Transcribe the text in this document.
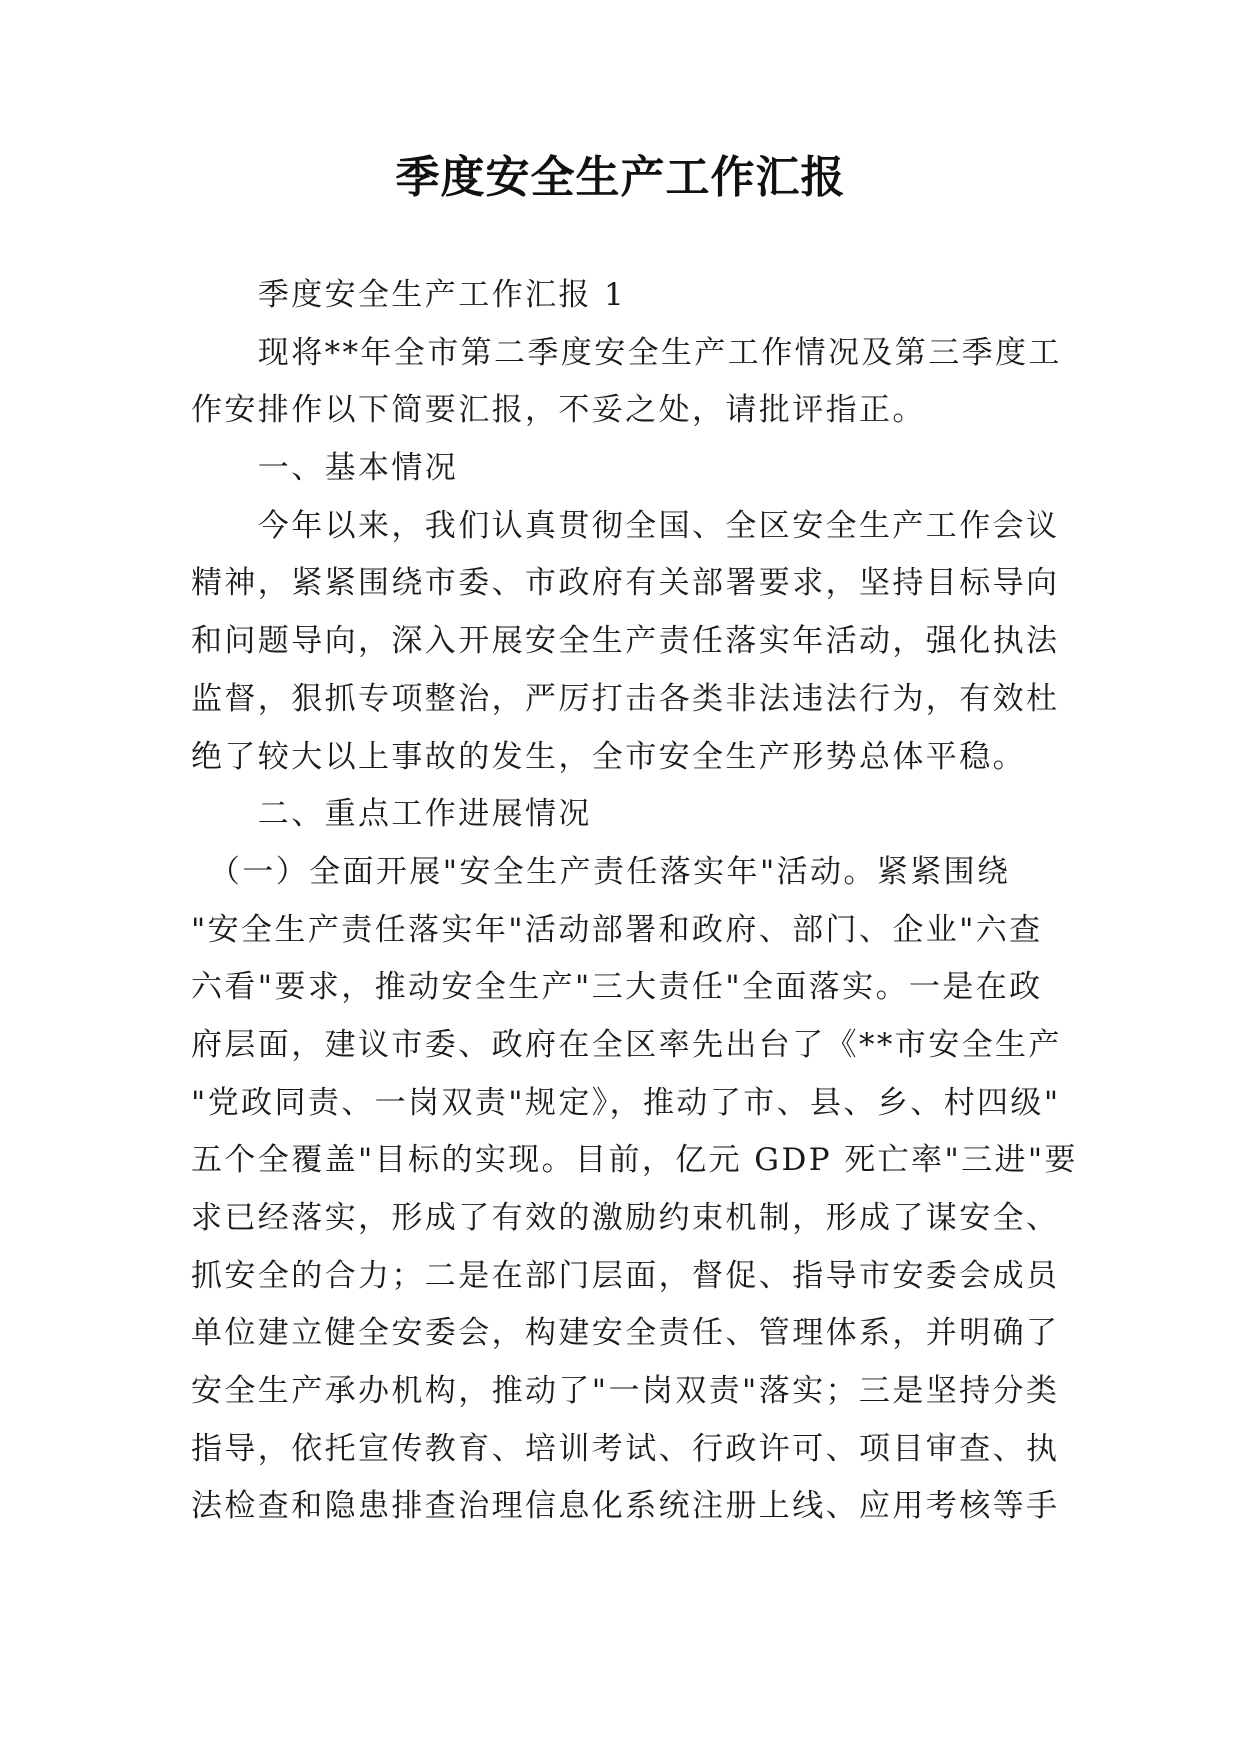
季度安全生产工作汇报
　　季度安全生产工作汇报 1
　　现将**年全市第二季度安全生产工作情况及第三季度工
作安排作以下简要汇报，不妥之处，请批评指正。
　　一、基本情况
　　今年以来，我们认真贯彻全国、全区安全生产工作会议
精神，紧紧围绕市委、市政府有关部署要求，坚持目标导向
和问题导向，深入开展安全生产责任落实年活动，强化执法
监督，狠抓专项整治，严厉打击各类非法违法行为，有效杜
绝了较大以上事故的发生，全市安全生产形势总体平稳。
　　二、重点工作进展情况
　（一）全面开展"安全生产责任落实年"活动。紧紧围绕
"安全生产责任落实年"活动部署和政府、部门、企业"六查
六看"要求，推动安全生产"三大责任"全面落实。一是在政
府层面，建议市委、政府在全区率先出台了《**市安全生产
"党政同责、一岗双责"规定》，推动了市、县、乡、村四级"
五个全覆盖"目标的实现。目前，亿元 GDP 死亡率"三进"要
求已经落实，形成了有效的激励约束机制，形成了谋安全、
抓安全的合力；二是在部门层面，督促、指导市安委会成员
单位建立健全安委会，构建安全责任、管理体系，并明确了
安全生产承办机构，推动了"一岗双责"落实；三是坚持分类
指导，依托宣传教育、培训考试、行政许可、项目审查、执
法检查和隐患排查治理信息化系统注册上线、应用考核等手
